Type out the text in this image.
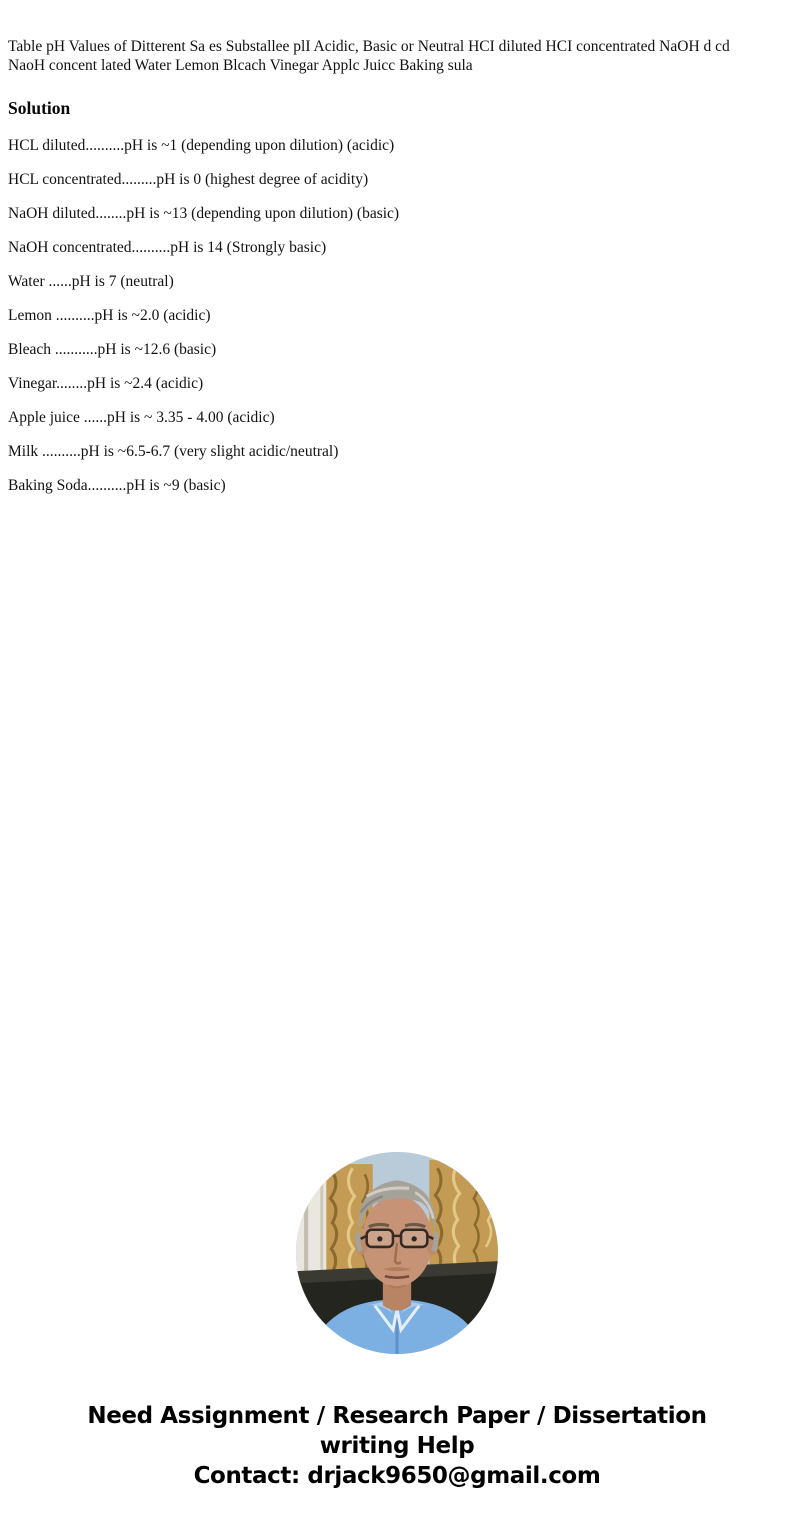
Table pH Values of Ditterent Sa es Substallee plI Acidic, Basic or Neutral HCI diluted HCI concentrated NaOH d cd NaoH concent lated Water Lemon Blcach Vinegar Applc Juicc Baking sula

Solution

HCL diluted..........pH is ~1 (depending upon dilution) (acidic)

HCL concentrated.........pH is 0 (highest degree of acidity)

NaOH diluted........pH is ~13 (depending upon dilution) (basic)

NaOH concentrated..........pH is 14 (Strongly basic)

Water ......pH is 7 (neutral)

Lemon ..........pH is ~2.0 (acidic)

Bleach ...........pH is ~12.6 (basic)

Vinegar........pH is ~2.4 (acidic)

Apple juice ......pH is ~ 3.35 - 4.00 (acidic)

Milk ..........pH is ~6.5-6.7 (very slight acidic/neutral)

Baking Soda..........pH is ~9 (basic)

Need Assignment / Research Paper / Dissertation
writing Help
Contact: drjack9650@gmail.com
